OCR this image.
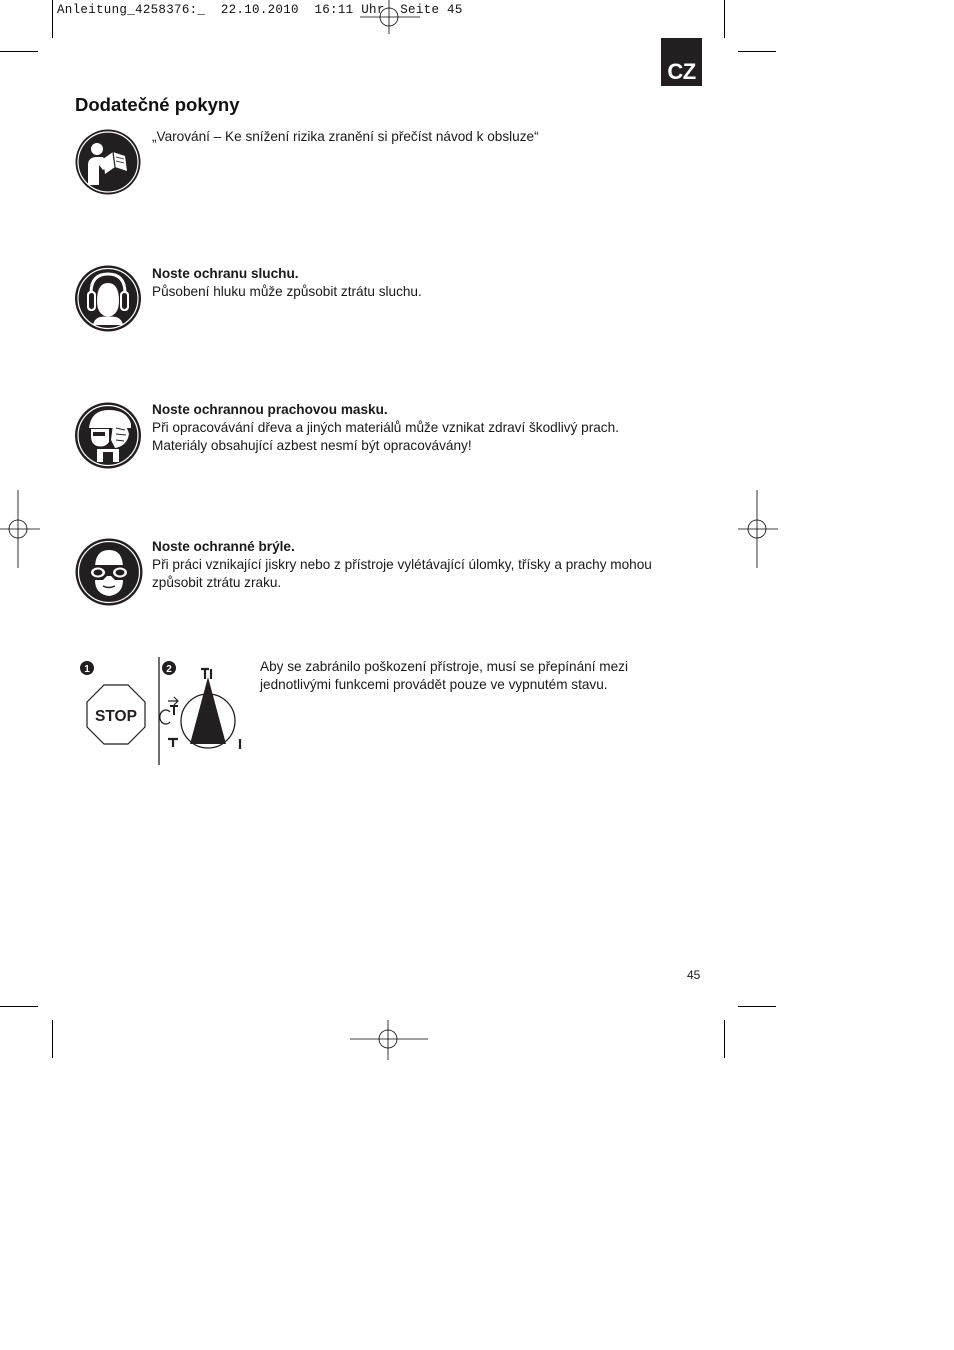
Anleitung_4258376:_  22.10.2010  16:11 Uhr  Seite 45
CZ
Dodatečné pokyny
„Varování – Ke snížení rizika zranění si přečíst návod k obsluze“
Noste ochranu sluchu.
Působení hluku může způsobit ztrátu sluchu.
Noste ochrannou prachovou masku.
Při opracovávání dřeva a jiných materiálů může vznikat zdraví škodlivý prach.
Materiály obsahující azbest nesmí být opracovávány!
Noste ochranné brýle.
Při práci vznikající jiskry nebo z přístroje vylétávající úlomky, třísky a prachy mohou
způsobit ztrátu zraku.
1
STOP
2	Aby se zabránilo poškození přístroje, musí se přepínání mezi
jednotlivými funkcemi provádět pouze ve vypnutém stavu.
45
